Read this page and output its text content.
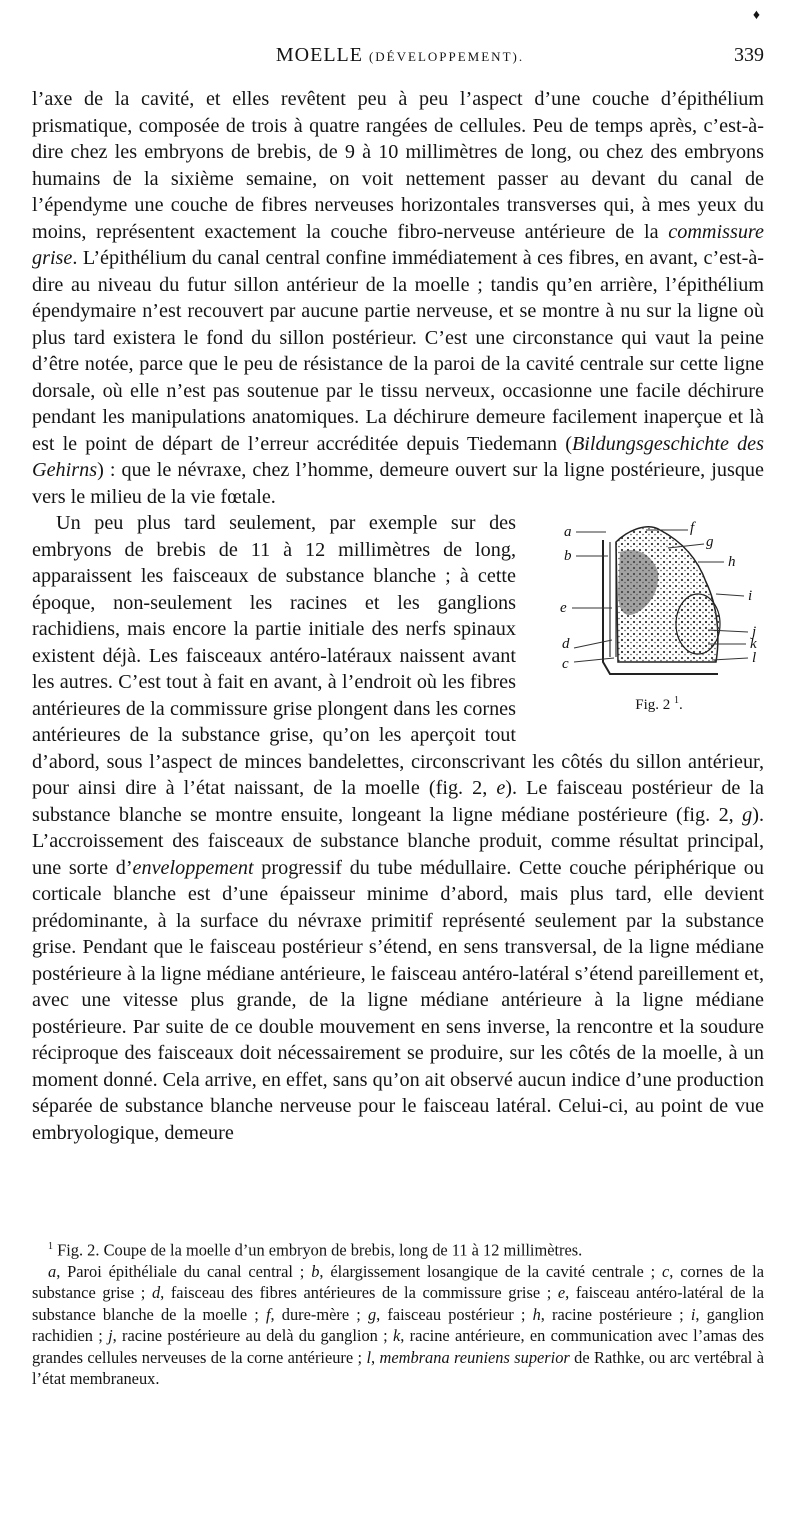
♦
MOELLE (DÉVELOPPEMENT).	339

l’axe de la cavité, et elles revêtent peu à peu l’aspect d’une couche d’épithélium prismatique, composée de trois à quatre rangées de cellules. Peu de temps après, c’est-à-dire chez les embryons de brebis, de 9 à 10 millimètres de long, ou chez des embryons humains de la sixième semaine, on voit nettement passer au devant du canal de l’épendyme une couche de fibres nerveuses horizontales transverses qui, à mes yeux du moins, représentent exactement la couche fibro-nerveuse antérieure de la commissure grise. L’épithélium du canal central confine immédiatement à ces fibres, en avant, c’est-à-dire au niveau du futur sillon antérieur de la moelle ; tandis qu’en arrière, l’épithélium épendymaire n’est recouvert par aucune partie nerveuse, et se montre à nu sur la ligne où plus tard existera le fond du sillon postérieur. C’est une circonstance qui vaut la peine d’être notée, parce que le peu de résistance de la paroi de la cavité centrale sur cette ligne dorsale, où elle n’est pas soutenue par le tissu nerveux, occasionne une facile déchirure pendant les manipulations anatomiques. La déchirure demeure facilement inaperçue et là est le point de départ de l’erreur accréditée depuis Tiedemann (Bildungsgeschichte des Gehirns) : que le névraxe, chez l’homme, demeure ouvert sur la ligne postérieure, jusque vers le milieu de la vie fœtale.

a
b
e
d
c
f
g
h
i
j
k
l
Fig. 2 $^1$.
Un peu plus tard seulement, par exemple sur des embryons de brebis de 11 à 12 millimètres de long, apparaissent les faisceaux de substance blanche ; à cette époque, non-seulement les racines et les ganglions rachidiens, mais encore la partie initiale des nerfs spinaux existent déjà. Les faisceaux antéro-latéraux naissent avant les autres. C’est tout à fait en avant, à l’endroit où les fibres antérieures de la commissure grise plongent dans les cornes antérieures de la substance grise, qu’on les aperçoit tout d’abord, sous l’aspect de minces bandelettes, circonscrivant les côtés du sillon antérieur, pour ainsi dire à l’état naissant, de la moelle (fig. 2, e). Le faisceau postérieur de la substance blanche se montre ensuite, longeant la ligne médiane postérieure (fig. 2, g). L’accroissement des faisceaux de substance blanche produit, comme résultat principal, une sorte d’enveloppement progressif du tube médullaire. Cette couche périphérique ou corticale blanche est d’une épaisseur minime d’abord, mais plus tard, elle devient prédominante, à la surface du névraxe primitif représenté seulement par la substance grise. Pendant que le faisceau postérieur s’étend, en sens transversal, de la ligne médiane postérieure à la ligne médiane antérieure, le faisceau antéro-latéral s’étend pareillement et, avec une vitesse plus grande, de la ligne médiane antérieure à la ligne médiane postérieure. Par suite de ce double mouvement en sens inverse, la rencontre et la soudure réciproque des faisceaux doit nécessairement se produire, sur les côtés de la moelle, à un moment donné. Cela arrive, en effet, sans qu’on ait observé aucun indice d’une production séparée de substance blanche nerveuse pour le faisceau latéral. Celui-ci, au point de vue embryologique, demeure

$^1$ Fig. 2. Coupe de la moelle d’un embryon de brebis, long de 11 à 12 millimètres.

a, Paroi épithéliale du canal central ; b, élargissement losangique de la cavité centrale ; c, cornes de la substance grise ; d, faisceau des fibres antérieures de la commissure grise ; e, faisceau antéro-latéral de la substance blanche de la moelle ; f, dure-mère ; g, faisceau postérieur ; h, racine postérieure ; i, ganglion rachidien ; j, racine postérieure au delà du ganglion ; k, racine antérieure, en communication avec l’amas des grandes cellules nerveuses de la corne antérieure ; l, membrana reuniens superior de Rathke, ou arc vertébral à l’état membraneux.
